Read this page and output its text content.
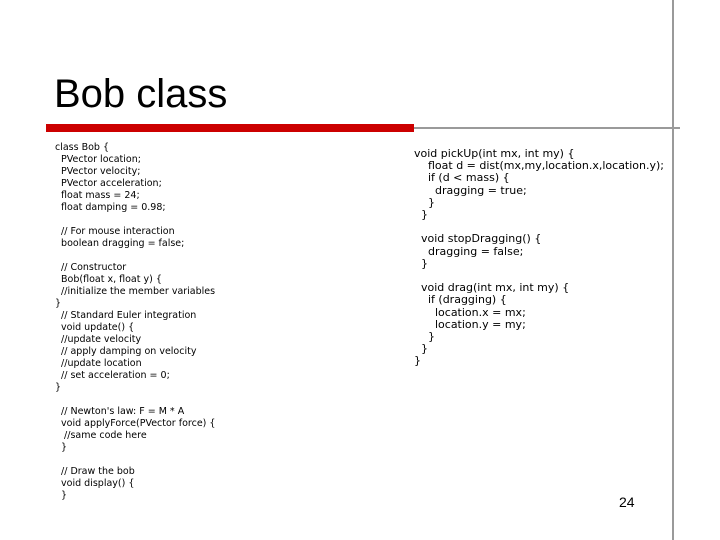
Bob class
class Bob {
PVector location;
PVector velocity;
PVector acceleration;
float mass = 24;
float damping = 0.98;

// For mouse interaction
boolean dragging = false;

// Constructor
Bob(float x, float y) {
//initialize the member variables
}
// Standard Euler integration
void update() {
//update velocity
// apply damping on velocity
//update location
// set acceleration = 0;
}

// Newton's law: F = M * A
void applyForce(PVector force) {
//same code here
}

// Draw the bob
void display() {
}
void pickUp(int mx, int my) {
float d = dist(mx,my,location.x,location.y);
if (d < mass) {
dragging = true;
}
}

void stopDragging() {
dragging = false;
}

void drag(int mx, int my) {
if (dragging) {
location.x = mx;
location.y = my;
}
}
}
24
